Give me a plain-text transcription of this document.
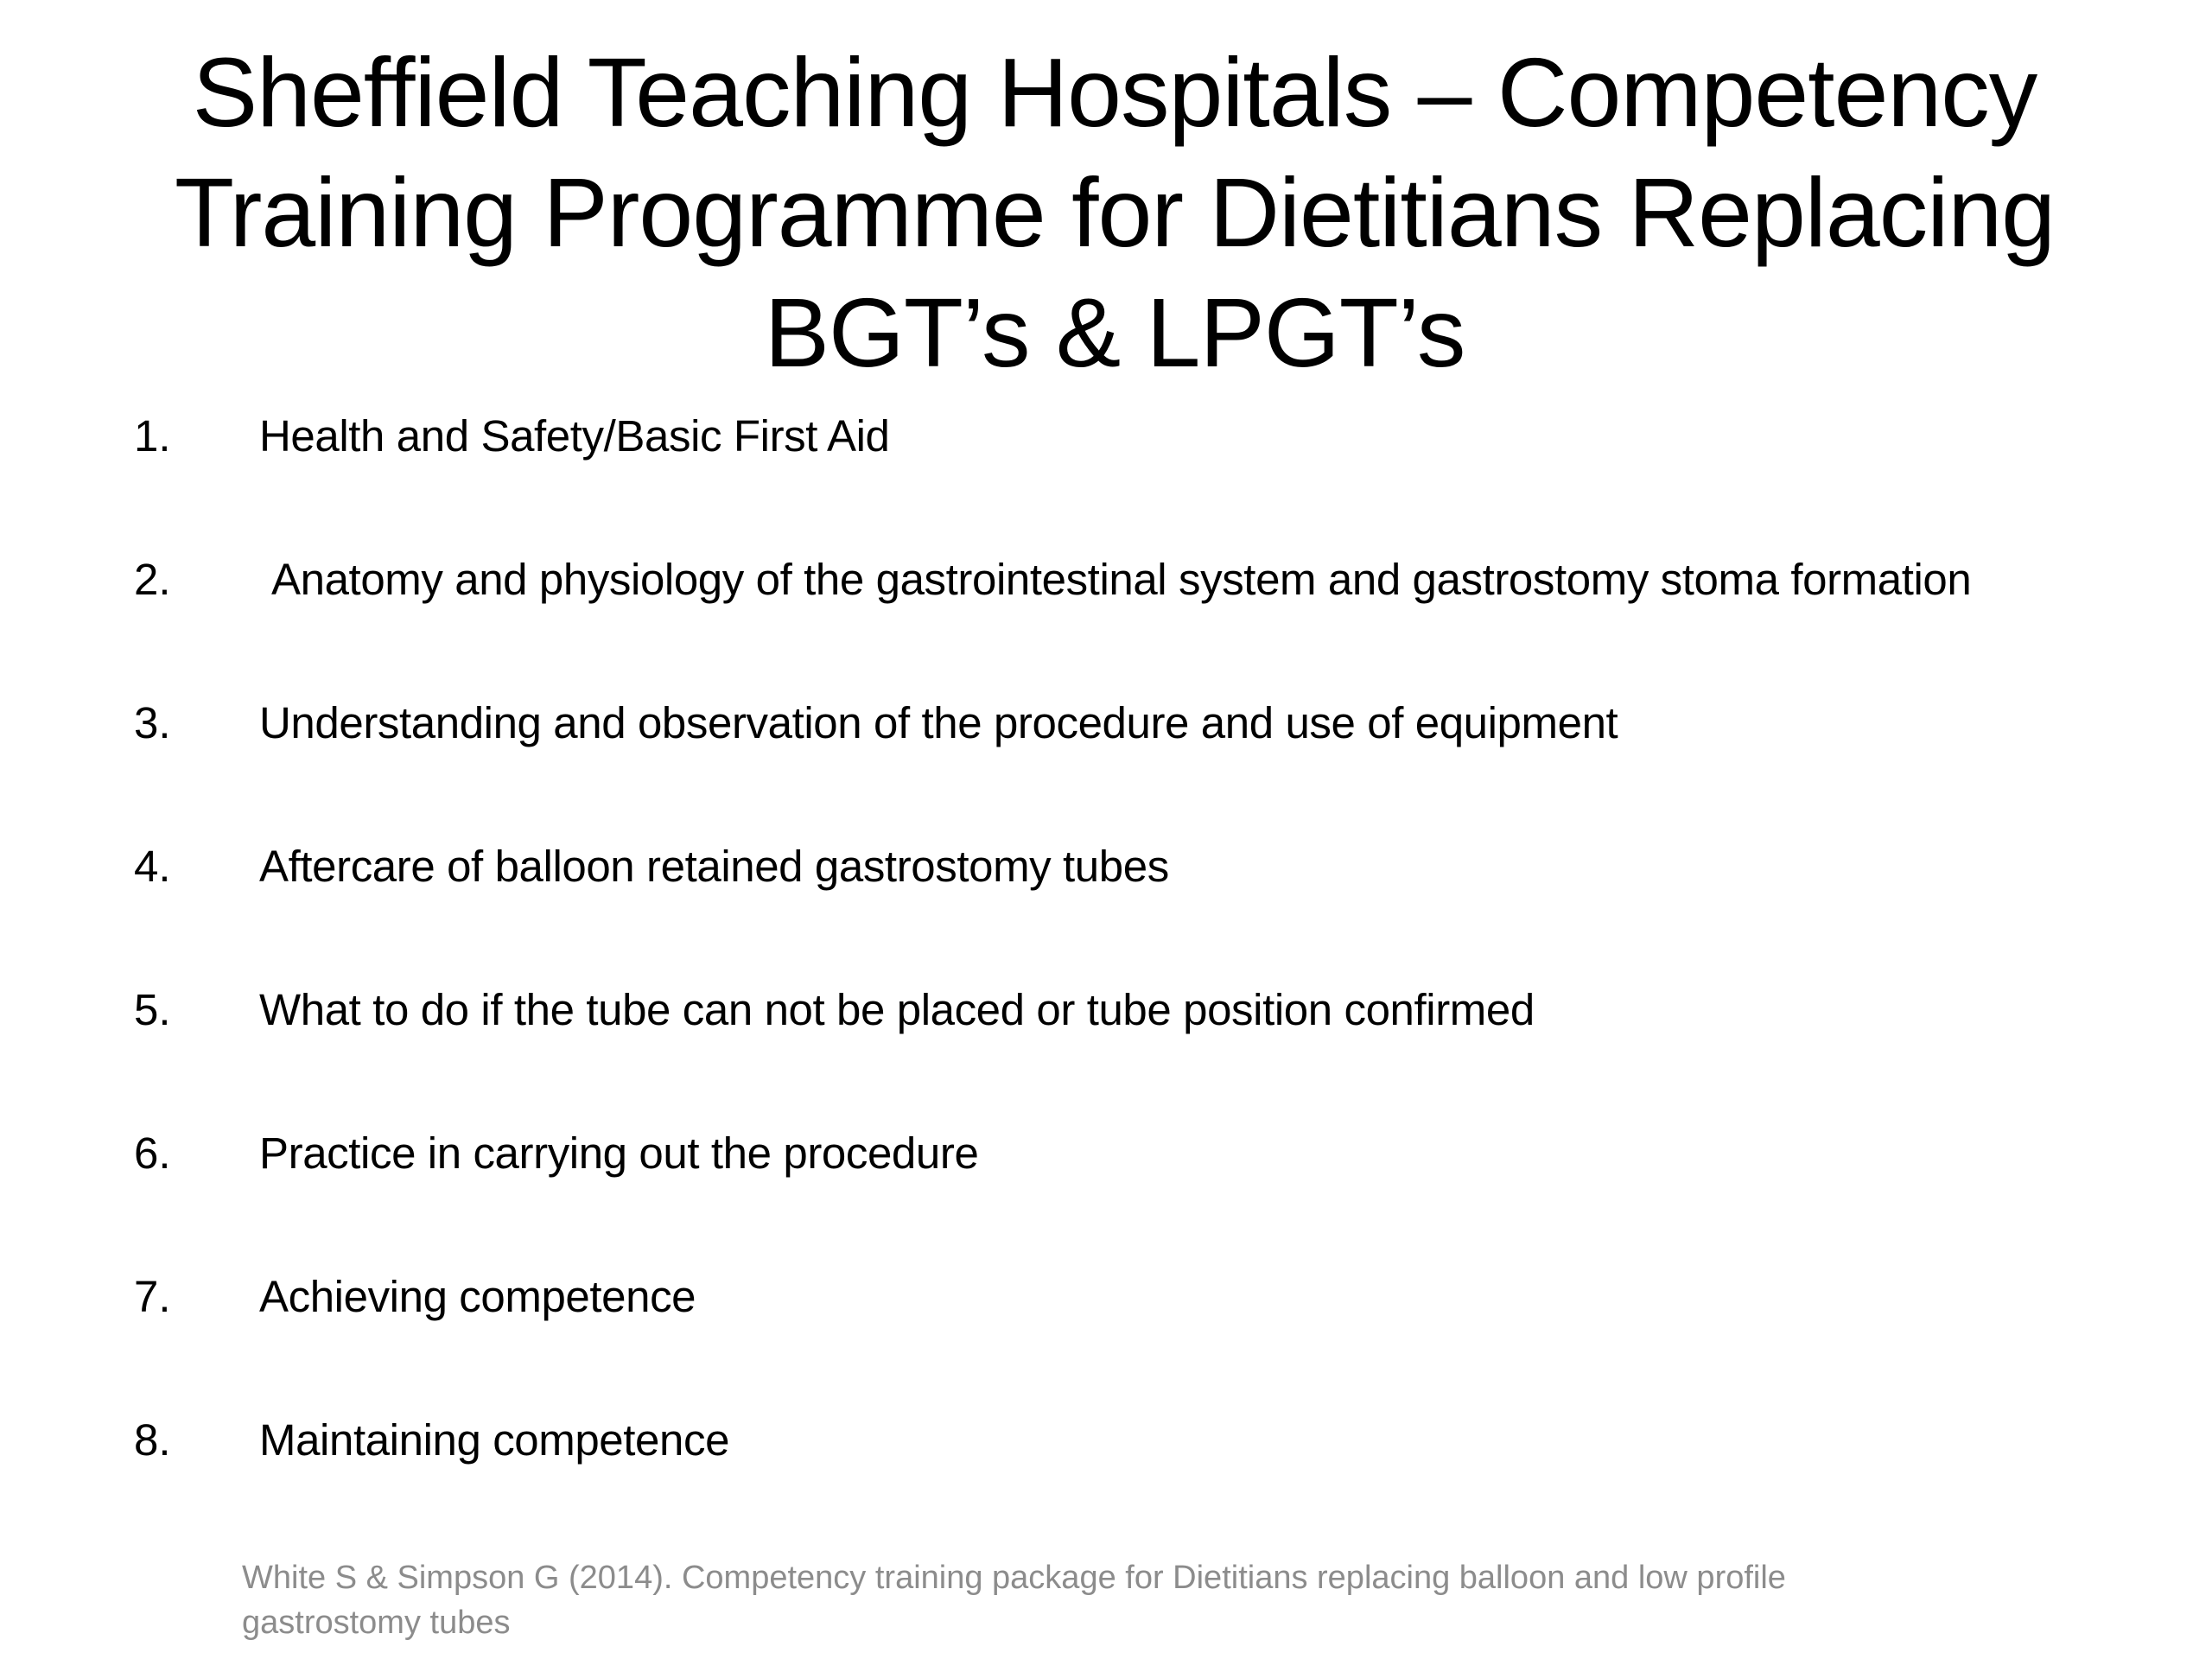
Sheffield Teaching Hospitals – Competency
Training Programme for Dietitians Replacing
BGT’s & LPGT’s
1. Health and Safety/Basic First Aid
2. Anatomy and physiology of the gastrointestinal system and gastrostomy stoma formation
3. Understanding and observation of the procedure and use of equipment
4. Aftercare of balloon retained gastrostomy tubes
5. What to do if the tube can not be placed or tube position confirmed
6. Practice in carrying out the procedure
7. Achieving competence
8. Maintaining competence

White S & Simpson G (2014). Competency training package for Dietitians replacing balloon and low profile gastrostomy tubes
